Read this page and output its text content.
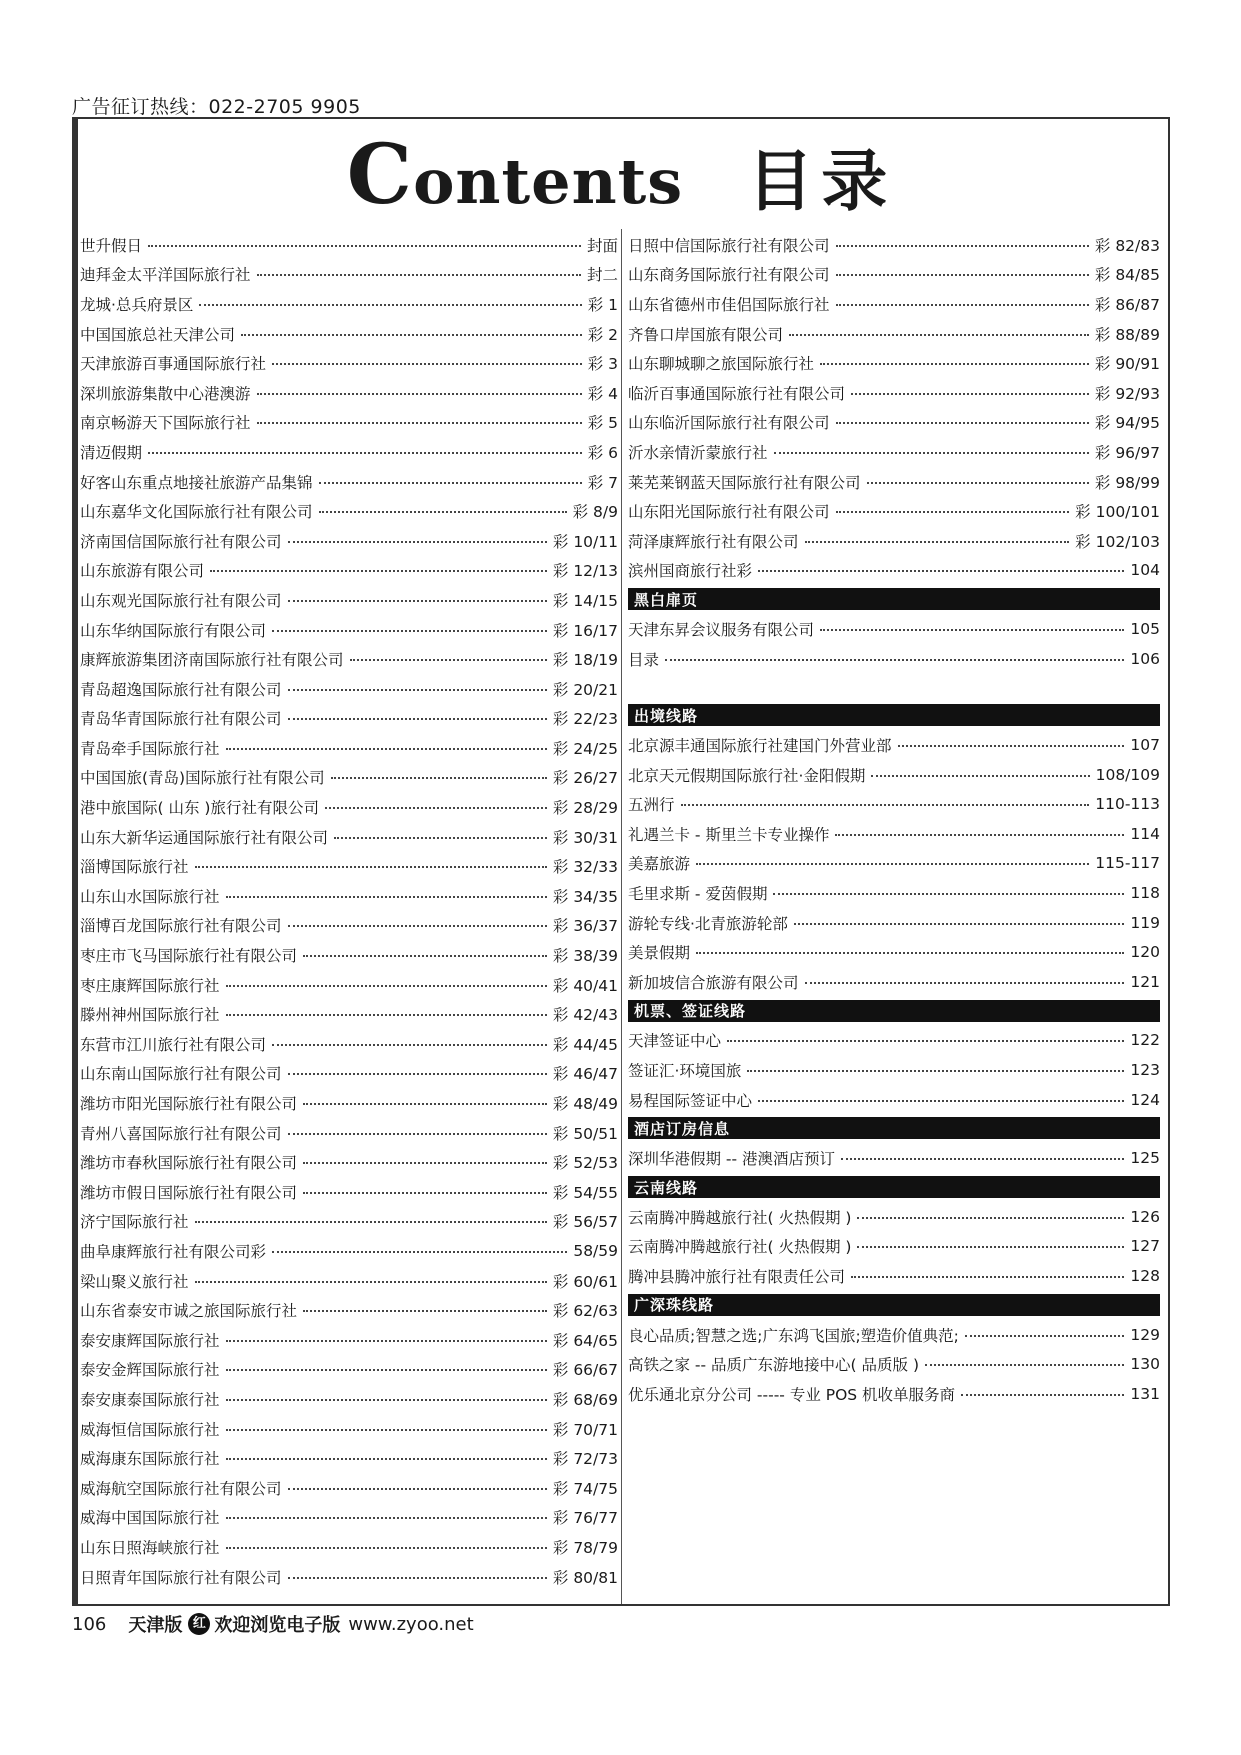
广告征订热线：022-2705 9905
Contents 目录
世升假日	封面
迪拜金太平洋国际旅行社	封二
龙城·总兵府景区	彩 1
中国国旅总社天津公司	彩 2
天津旅游百事通国际旅行社	彩 3
深圳旅游集散中心港澳游	彩 4
南京畅游天下国际旅行社	彩 5
清迈假期	彩 6
好客山东重点地接社旅游产品集锦	彩 7
山东嘉华文化国际旅行社有限公司	彩 8/9
济南国信国际旅行社有限公司	彩 10/11
山东旅游有限公司	彩 12/13
山东观光国际旅行社有限公司	彩 14/15
山东华纳国际旅行有限公司	彩 16/17
康辉旅游集团济南国际旅行社有限公司	彩 18/19
青岛超逸国际旅行社有限公司	彩 20/21
青岛华青国际旅行社有限公司	彩 22/23
青岛牵手国际旅行社	彩 24/25
中国国旅(青岛)国际旅行社有限公司	彩 26/27
港中旅国际( 山东 )旅行社有限公司	彩 28/29
山东大新华运通国际旅行社有限公司	彩 30/31
淄博国际旅行社	彩 32/33
山东山水国际旅行社	彩 34/35
淄博百龙国际旅行社有限公司	彩 36/37
枣庄市飞马国际旅行社有限公司	彩 38/39
枣庄康辉国际旅行社	彩 40/41
滕州神州国际旅行社	彩 42/43
东营市江川旅行社有限公司	彩 44/45
山东南山国际旅行社有限公司	彩 46/47
潍坊市阳光国际旅行社有限公司	彩 48/49
青州八喜国际旅行社有限公司	彩 50/51
潍坊市春秋国际旅行社有限公司	彩 52/53
潍坊市假日国际旅行社有限公司	彩 54/55
济宁国际旅行社	彩 56/57
曲阜康辉旅行社有限公司彩	58/59
梁山聚义旅行社	彩 60/61
山东省泰安市诚之旅国际旅行社	彩 62/63
泰安康辉国际旅行社	彩 64/65
泰安金辉国际旅行社	彩 66/67
泰安康泰国际旅行社	彩 68/69
威海恒信国际旅行社	彩 70/71
威海康东国际旅行社	彩 72/73
威海航空国际旅行社有限公司	彩 74/75
威海中国国际旅行社	彩 76/77
山东日照海峡旅行社	彩 78/79
日照青年国际旅行社有限公司	彩 80/81
日照中信国际旅行社有限公司	彩 82/83
山东商务国际旅行社有限公司	彩 84/85
山东省德州市佳侣国际旅行社	彩 86/87
齐鲁口岸国旅有限公司	彩 88/89
山东聊城聊之旅国际旅行社	彩 90/91
临沂百事通国际旅行社有限公司	彩 92/93
山东临沂国际旅行社有限公司	彩 94/95
沂水亲情沂蒙旅行社	彩 96/97
莱芜莱钢蓝天国际旅行社有限公司	彩 98/99
山东阳光国际旅行社有限公司	彩 100/101
菏泽康辉旅行社有限公司	彩 102/103
滨州国商旅行社彩	104
黑白扉页
天津东昇会议服务有限公司	105
目录	106
出境线路
北京源丰通国际旅行社建国门外营业部	107
北京天元假期国际旅行社·金阳假期	108/109
五洲行	110-113
礼遇兰卡 - 斯里兰卡专业操作	114
美嘉旅游	115-117
毛里求斯 - 爱茵假期	118
游轮专线·北青旅游轮部	119
美景假期	120
新加坡信合旅游有限公司	121
机票、签证线路
天津签证中心	122
签证汇·环境国旅	123
易程国际签证中心	124
酒店订房信息
深圳华港假期 -- 港澳酒店预订	125
云南线路
云南腾冲腾越旅行社( 火热假期 )	126
云南腾冲腾越旅行社( 火热假期 )	127
腾冲县腾冲旅行社有限责任公司	128
广深珠线路
良心品质;智慧之选;广东鸿飞国旅;塑造价值典范;	129
高铁之家 -- 品质广东游地接中心( 品质版 )	130
优乐通北京分公司 ----- 专业 POS 机收单服务商	131
106 天津版 红 欢迎浏览电子版 www.zyoo.net
